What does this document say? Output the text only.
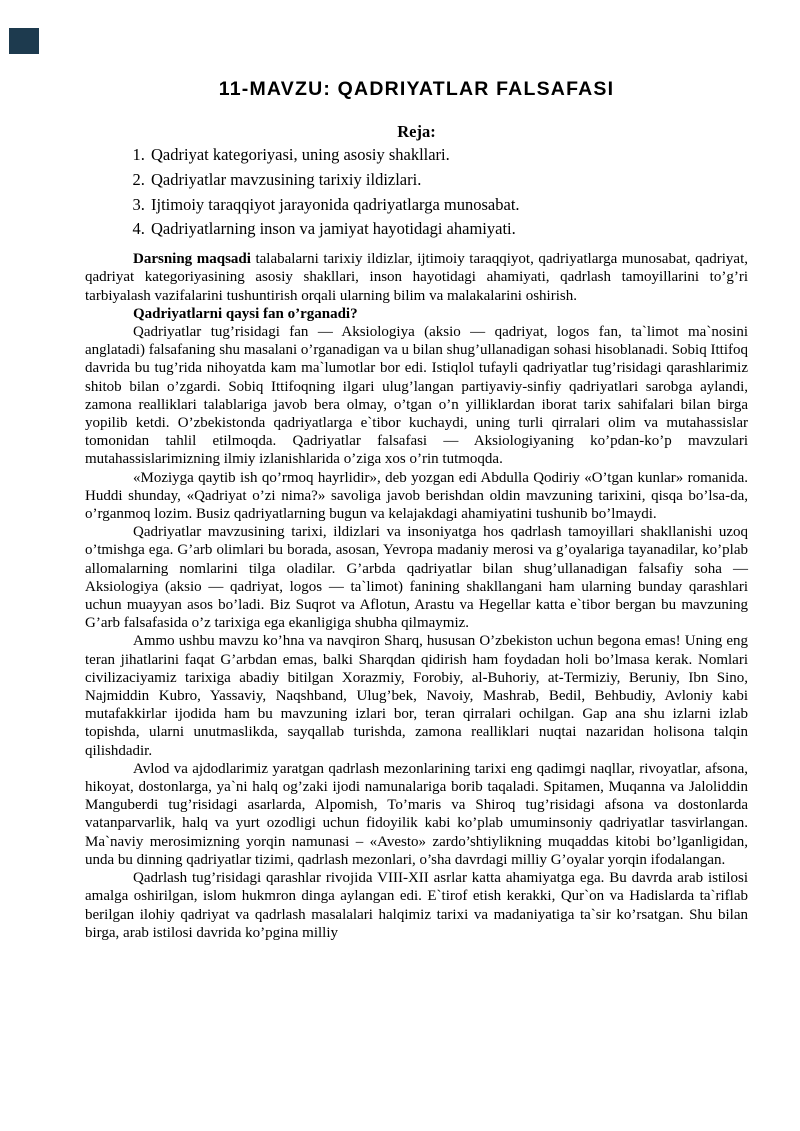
11-MAVZU: QADRIYATLAR FALSAFASI

Reja:

1. Qadriyat kategoriyasi, uning asosiy shakllari.
2. Qadriyatlar mavzusining tarixiy ildizlari.
3. Ijtimoiy taraqqiyot jarayonida qadriyatlarga munosabat.
4. Qadriyatlarning inson va jamiyat hayotidagi ahamiyati.

Darsning maqsadi talabalarni tarixiy ildizlar, ijtimoiy taraqqiyot, qadriyatlarga munosabat, qadriyat, qadriyat kategoriyasining asosiy shakllari, inson hayotidagi ahamiyati, qadrlash tamoyillarini to’g’ri tarbiyalash vazifalarini tushuntirish orqali ularning bilim va malakalarini oshirish.

Qadriyatlarni qaysi fan o’rganadi?

Qadriyatlar tug’risidagi fan — Aksiologiya (aksio — qadriyat, logos fan, ta`limot ma`nosini anglatadi) falsafaning shu masalani o’rganadigan va u bilan shug’ullanadigan sohasi hisoblanadi. Sobiq Ittifoq davrida bu tug’rida nihoyatda kam ma`lumotlar bor edi. Istiqlol tufayli qadriyatlar tug’risidagi qarashlarimiz shitob bilan o’zgardi. Sobiq Ittifoqning ilgari ulug’langan partiyaviy-sinfiy qadriyatlari sarobga aylandi, zamona realliklari talablariga javob bera olmay, o’tgan o’n yilliklardan iborat tarix sahifalari bilan birga yopilib ketdi. O’zbekistonda qadriyatlarga e`tibor kuchaydi, uning turli qirralari olim va mutahassislar tomonidan tahlil etilmoqda. Qadriyatlar falsafasi — Aksiologiyaning ko’pdan-ko’p mavzulari mutahassislarimizning ilmiy izlanishlarida o’ziga xos o’rin tutmoqda.

«Moziyga qaytib ish qo’rmoq hayrlidir», deb yozgan edi Abdulla Qodiriy «O’tgan kunlar» romanida. Huddi shunday, «Qadriyat o’zi nima?» savoliga javob berishdan oldin mavzuning tarixini, qisqa bo’lsa-da, o’rganmoq lozim. Busiz qadriyatlarning bugun va kelajakdagi ahamiyatini tushunib bo’lmaydi.

Qadriyatlar mavzusining tarixi, ildizlari va insoniyatga hos qadrlash tamoyillari shakllanishi uzoq o’tmishga ega. G’arb olimlari bu borada, asosan, Yevropa madaniy merosi va g’oyalariga tayanadilar, ko’plab allomalarning nomlarini tilga oladilar. G’arbda qadriyatlar bilan shug’ullanadigan falsafiy soha — Aksiologiya (aksio — qadriyat, logos — ta`limot) fanining shakllangani ham ularning bunday qarashlari uchun muayyan asos bo’ladi. Biz Suqrot va Aflotun, Arastu va Hegellar katta e`tibor bergan bu mavzuning G’arb falsafasida o’z tarixiga ega ekanligiga shubha qilmaymiz.

Ammo ushbu mavzu ko’hna va navqiron Sharq, hususan O’zbekiston uchun begona emas! Uning eng teran jihatlarini faqat G’arbdan emas, balki Sharqdan qidirish ham foydadan holi bo’lmasa kerak. Nomlari civilizaciyamiz tarixiga abadiy bitilgan Xorazmiy, Forobiy, al-Buhoriy, at-Termiziy, Beruniy, Ibn Sino, Najmiddin Kubro, Yassaviy, Naqshband, Ulug’bek, Navoiy, Mashrab, Bedil, Behbudiy, Avloniy kabi mutafakkirlar ijodida ham bu mavzuning izlari bor, teran qirralari ochilgan. Gap ana shu izlarni izlab topishda, ularni unutmaslikda, sayqallab turishda, zamona realliklari nuqtai nazaridan holisona talqin qilishdadir.

Avlod va ajdodlarimiz yaratgan qadrlash mezonlarining tarixi eng qadimgi naqllar, rivoyatlar, afsona, hikoyat, dostonlarga, ya`ni halq og’zaki ijodi namunalariga borib taqaladi. Spitamen, Muqanna va Jaloliddin Manguberdi tug’risidagi asarlarda, Alpomish, To’maris va Shiroq tug’risidagi afsona va dostonlarda vatanparvarlik, halq va yurt ozodligi uchun fidoyilik kabi ko’plab umuminsoniy qadriyatlar tasvirlangan. Ma`naviy merosimizning yorqin namunasi – «Avesto» zardo’shtiylikning muqaddas kitobi bo’lganligidan, unda bu dinning qadriyatlar tizimi, qadrlash mezonlari, o’sha davrdagi milliy G’oyalar yorqin ifodalangan.

Qadrlash tug’risidagi qarashlar rivojida VIII-XII asrlar katta ahamiyatga ega. Bu davrda arab istilosi amalga oshirilgan, islom hukmron dinga aylangan edi. E`tirof etish kerakki, Qur`on va Hadislarda ta`riflab berilgan ilohiy qadriyat va qadrlash masalalari halqimiz tarixi va madaniyatiga ta`sir ko’rsatgan. Shu bilan birga, arab istilosi davrida ko’pgina milliy
